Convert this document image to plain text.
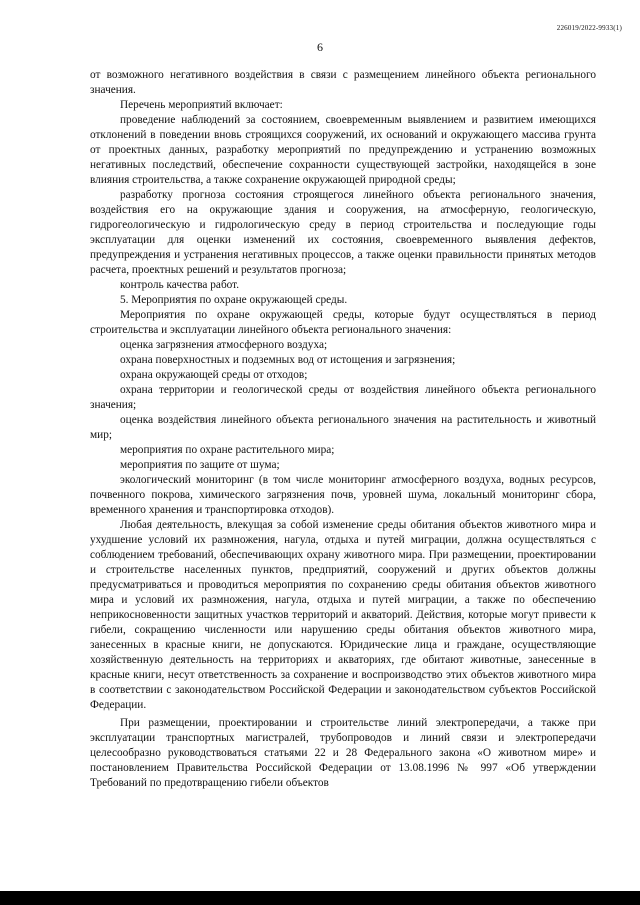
226019/2022-9933(1)
6

от возможного негативного воздействия в связи с размещением линейного объекта регионального значения.

Перечень мероприятий включает:

проведение наблюдений за состоянием, своевременным выявлением и развитием имеющихся отклонений в поведении вновь строящихся сооружений, их оснований и окружающего массива грунта от проектных данных, разработку мероприятий по предупреждению и устранению возможных негативных последствий, обеспечение сохранности существующей застройки, находящейся в зоне влияния строительства, а также сохранение окружающей природной среды;

разработку прогноза состояния строящегося линейного объекта регионального значения, воздействия его на окружающие здания и сооружения, на атмосферную, геологическую, гидрогеологическую и гидрологическую среду в период строительства и последующие годы эксплуатации для оценки изменений их состояния, своевременного выявления дефектов, предупреждения и устранения негативных процессов, а также оценки правильности принятых методов расчета, проектных решений и результатов прогноза;

контроль качества работ.

5. Мероприятия по охране окружающей среды.

Мероприятия по охране окружающей среды, которые будут осуществляться в период строительства и эксплуатации линейного объекта регионального значения:

оценка загрязнения атмосферного воздуха;

охрана поверхностных и подземных вод от истощения и загрязнения;

охрана окружающей среды от отходов;

охрана территории и геологической среды от воздействия линейного объекта регионального значения;

оценка воздействия линейного объекта регионального значения на растительность и животный мир;

мероприятия по охране растительного мира;

мероприятия по защите от шума;

экологический мониторинг (в том числе мониторинг атмосферного воздуха, водных ресурсов, почвенного покрова, химического загрязнения почв, уровней шума, локальный мониторинг сбора, временного хранения и транспортировка отходов).

Любая деятельность, влекущая за собой изменение среды обитания объектов животного мира и ухудшение условий их размножения, нагула, отдыха и путей миграции, должна осуществляться с соблюдением требований, обеспечивающих охрану животного мира. При размещении, проектировании и строительстве населенных пунктов, предприятий, сооружений и других объектов должны предусматриваться и проводиться мероприятия по сохранению среды обитания объектов животного мира и условий их размножения, нагула, отдыха и путей миграции, а также по обеспечению неприкосновенности защитных участков территорий и акваторий. Действия, которые могут привести к гибели, сокращению численности или нарушению среды обитания объектов животного мира, занесенных в красные книги, не допускаются. Юридические лица и граждане, осуществляющие хозяйственную деятельность на территориях и акваториях, где обитают животные, занесенные в красные книги, несут ответственность за сохранение и воспроизводство этих объектов животного мира в соответствии с законодательством Российской Федерации и законодательством субъектов Российской Федерации.

При размещении, проектировании и строительстве линий электропередачи, а также при эксплуатации транспортных магистралей, трубопроводов и линий связи и электропередачи целесообразно руководствоваться статьями 22 и 28 Федерального закона «О животном мире» и постановлением Правительства Российской Федерации от 13.08.1996 № 997 «Об утверждении Требований по предотвращению гибели объектов
